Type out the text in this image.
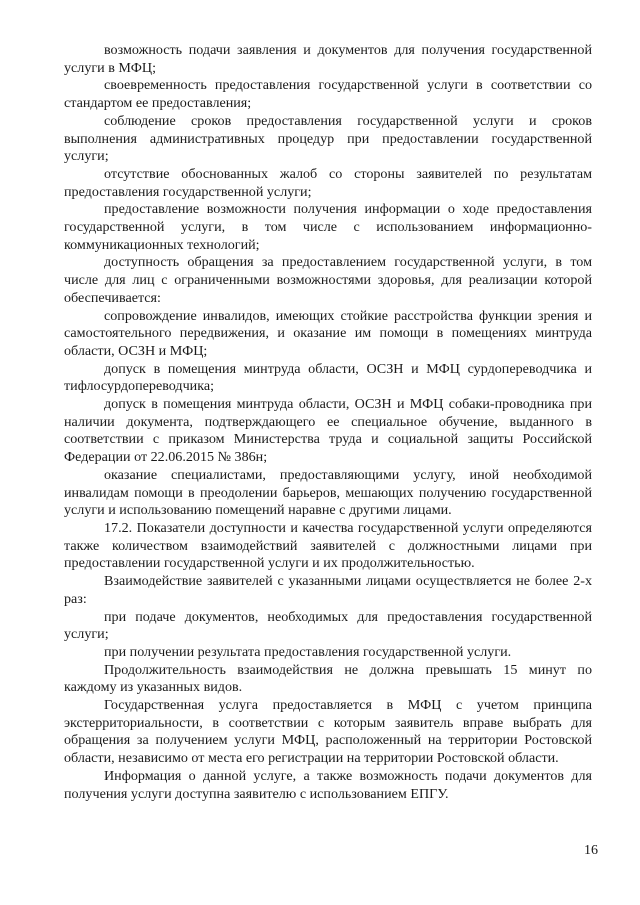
возможность подачи заявления и документов для получения государственной услуги в МФЦ;

своевременность предоставления государственной услуги в соответствии со стандартом ее предоставления;

соблюдение сроков предоставления государственной услуги и сроков выполнения административных процедур при предоставлении государственной услуги;

отсутствие обоснованных жалоб со стороны заявителей по результатам предоставления государственной услуги;

предоставление возможности получения информации о ходе предоставления государственной услуги, в том числе с использованием информационно-коммуникационных технологий;

доступность обращения за предоставлением государственной услуги, в том числе для лиц с ограниченными возможностями здоровья, для реализации которой обеспечивается:

сопровождение инвалидов, имеющих стойкие расстройства функции зрения и самостоятельного передвижения, и оказание им помощи в помещениях минтруда области, ОСЗН и МФЦ;

допуск в помещения минтруда области, ОСЗН и МФЦ сурдопереводчика и тифлосурдопереводчика;

допуск в помещения минтруда области, ОСЗН и МФЦ собаки-проводника при наличии документа, подтверждающего ее специальное обучение, выданного в соответствии с приказом Министерства труда и социальной защиты Российской Федерации от 22.06.2015 № 386н;

оказание специалистами, предоставляющими услугу, иной необходимой инвалидам помощи в преодолении барьеров, мешающих получению государственной услуги и использованию помещений наравне с другими лицами.

17.2. Показатели доступности и качества государственной услуги определяются также количеством взаимодействий заявителей с должностными лицами при предоставлении государственной услуги и их продолжительностью.

Взаимодействие заявителей с указанными лицами осуществляется не более 2-х раз:

при подаче документов, необходимых для предоставления государственной услуги;

при получении результата предоставления государственной услуги.

Продолжительность взаимодействия не должна превышать 15 минут по каждому из указанных видов.

Государственная услуга предоставляется в МФЦ с учетом принципа экстерриториальности, в соответствии с которым заявитель вправе выбрать для обращения за получением услуги МФЦ, расположенный на территории Ростовской области, независимо от места его регистрации на территории Ростовской области.

Информация о данной услуге, а также возможность подачи документов для получения услуги доступна заявителю с использованием ЕПГУ.

16
